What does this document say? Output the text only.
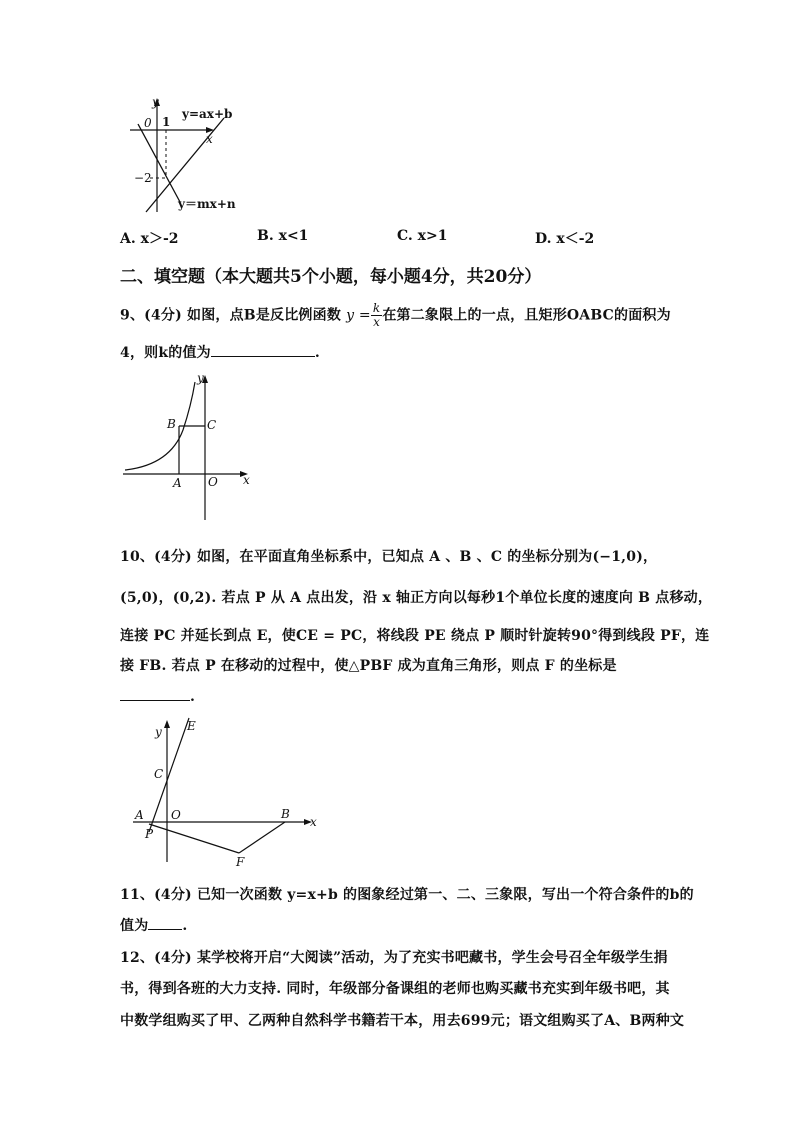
y
0 1
x
−2
y=ax+b
y＝mx+n
A. x＞-2	B. x<1	C. x>1	D. x＜-2
二、填空题（本大题共5个小题，每小题4分，共20分）
9、(4分) 如图，点B是反比例函数 $y = \frac{k}{x}$ 在第二象限上的一点，且矩形OABC的面积为
4，则k的值为	.
y
B	C
A O x
10、(4分) 如图，在平面直角坐标系中，已知点 A 、B 、C 的坐标分别为(−1,0)，
(5,0)，(0,2). 若点 P 从 A 点出发，沿 x 轴正方向以每秒1个单位长度的速度向 B 点移动，
连接 PC 并延长到点 E，使CE = PC，将线段 PE 绕点 P 顺时针旋转90°得到线段 PF，连
接 FB. 若点 P 在移动的过程中，使△PBF 成为直角三角形，则点 F 的坐标是
.
y E
C
A O	B
x
P
F
11、(4分) 已知一次函数 y=x+b 的图象经过第一、二、三象限，写出一个符合条件的b的
值为 .
12、(4分) 某学校将开启“大阅读”活动，为了充实书吧藏书，学生会号召全年级学生捐
书，得到各班的大力支持. 同时，年级部分备课组的老师也购买藏书充实到年级书吧，其
中数学组购买了甲、乙两种自然科学书籍若干本，用去699元；语文组购买了A、B两种文
